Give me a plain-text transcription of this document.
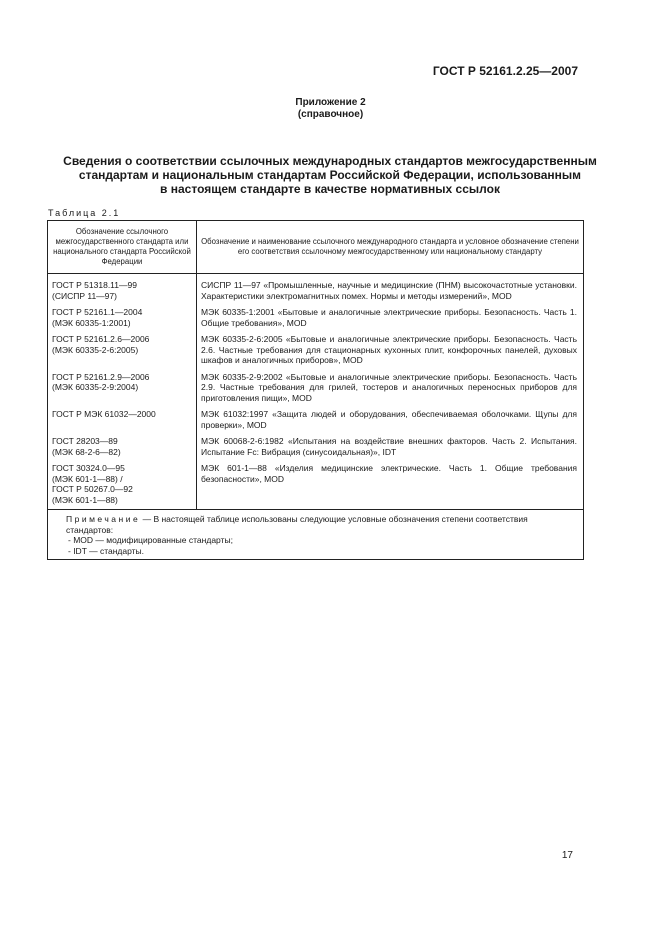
ГОСТ Р 52161.2.25—2007
Приложение 2
(справочное)
Сведения о соответствии ссылочных международных стандартов межгосударственным
стандартам и национальным стандартам Российской Федерации, использованным
в настоящем стандарте в качестве нормативных ссылок
Таблица 2.1
Обозначение ссылочного межгосударственного стандарта или национального стандарта Российской Федерации	Обозначение и наименование ссылочного международного стандарта и условное обозначение степени его соответствия ссылочному межгосударственному или национальному стандарту
ГОСТ Р 51318.11—99
(СИСПР 11—97)	СИСПР 11—97 «Промышленные, научные и медицинские (ПНМ) высокочастотные установки. Характеристики электромагнитных помех. Нормы и методы измерений», MOD
ГОСТ Р 52161.1—2004
(МЭК 60335-1:2001)	МЭК 60335-1:2001 «Бытовые и аналогичные электрические приборы. Безопасность. Часть 1. Общие требования», MOD
ГОСТ Р 52161.2.6—2006
(МЭК 60335-2-6:2005)	МЭК 60335-2-6:2005 «Бытовые и аналогичные электрические приборы. Безопасность. Часть 2.6. Частные требования для стационарных кухонных плит, конфорочных панелей, духовых шкафов и аналогичных приборов», MOD
ГОСТ Р 52161.2.9—2006
(МЭК 60335-2-9:2004)	МЭК 60335-2-9:2002 «Бытовые и аналогичные электрические приборы. Безопасность. Часть 2.9. Частные требования для грилей, тостеров и аналогичных переносных приборов для приготовления пищи», MOD
ГОСТ Р МЭК 61032—2000	МЭК 61032:1997 «Защита людей и оборудования, обеспечиваемая оболочками. Щупы для проверки», MOD
ГОСТ 28203—89
(МЭК 68-2-6—82)	МЭК 60068-2-6:1982 «Испытания на воздействие внешних факторов. Часть 2. Испытания. Испытание Fc: Вибрация (синусоидальная)», IDT
ГОСТ 30324.0—95
(МЭК 601-1—88) /
ГОСТ Р 50267.0—92
(МЭК 601-1—88)	МЭК 601-1—88 «Изделия медицинские электрические. Часть 1. Общие требования безопасности», MOD

Примечание — В настоящей таблице использованы следующие условные обозначения степени соответствия стандартов:
- MOD — модифицированные стандарты;
- IDT — стандарты.	
17
